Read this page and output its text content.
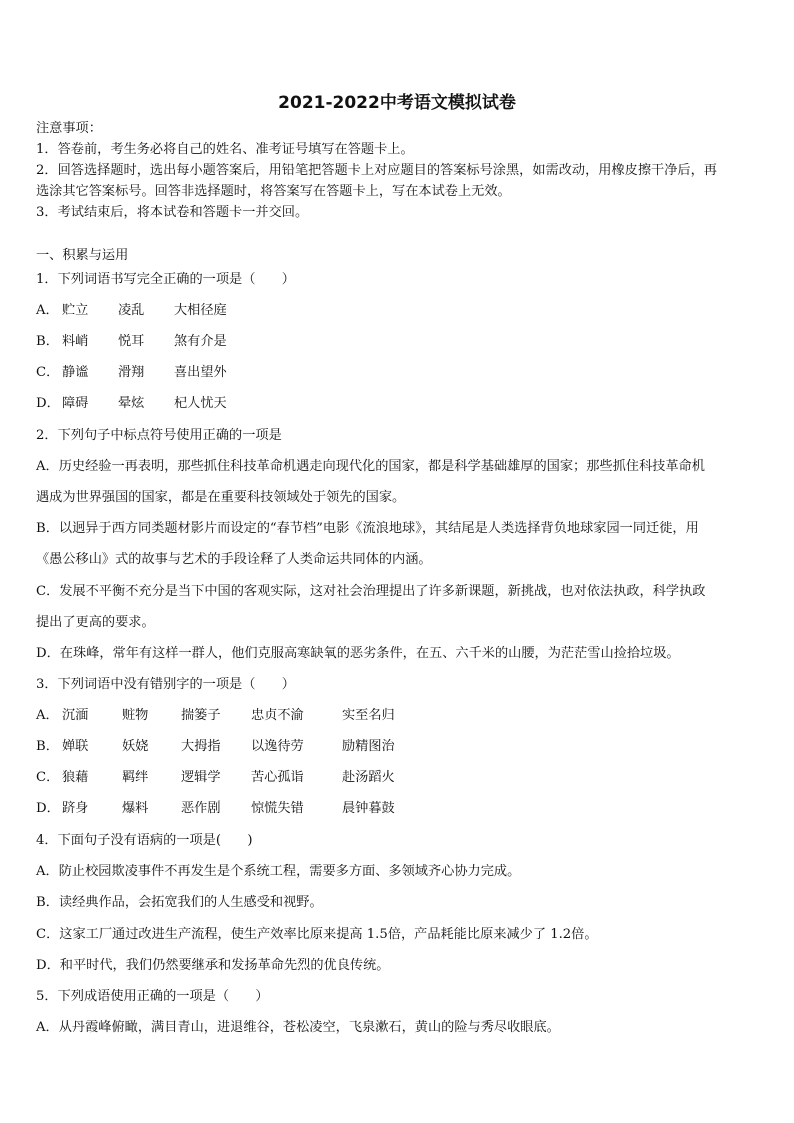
2021-2022中考语文模拟试卷
注意事项：
1．答卷前，考生务必将自己的姓名、准考证号填写在答题卡上。
2．回答选择题时，选出每小题答案后，用铅笔把答题卡上对应题目的答案标号涂黑，如需改动，用橡皮擦干净后，再
选涂其它答案标号。回答非选择题时，将答案写在答题卡上，写在本试卷上无效。
3．考试结束后，将本试卷和答题卡一并交回。
一、积累与运用
1．下列词语书写完全正确的一项是（　　）
A． 贮立 凌乱 大相径庭
B． 料峭 悦耳 煞有介是
C． 静谧 滑翔 喜出望外
D． 障碍 晕炫 杞人忧天
2．下列句子中标点符号使用正确的一项是
A．历史经验一再表明，那些抓住科技革命机遇走向现代化的国家，都是科学基础雄厚的国家；那些抓住科技革命机
遇成为世界强国的国家，都是在重要科技领域处于领先的国家。
B．以迥异于西方同类题材影片而设定的“春节档”电影《流浪地球》，其结尾是人类选择背负地球家园一同迁徙，用
《愚公移山》式的故事与艺术的手段诠释了人类命运共同体的内涵。
C．发展不平衡不充分是当下中国的客观实际，这对社会治理提出了许多新课题，新挑战，也对依法执政，科学执政
提出了更高的要求。
D．在珠峰，常年有这样一群人，他们克服高寒缺氧的恶劣条件，在五、六千米的山腰，为茫茫雪山捡拾垃圾。
3．下列词语中没有错别字的一项是（　　）
A． 沉湎	赃物 揣篓子 忠贞不渝	实至名归
B． 婵联	妖娆 大拇指 以逸待劳	励精图治
C． 狼藉	羁绊 逻辑学 苦心孤诣	赴汤蹈火
D． 跻身	爆料 恶作剧 惊慌失错	晨钟暮鼓
4．下面句子没有语病的一项是(　　)
A．防止校园欺凌事件不再发生是个系统工程，需要多方面、多领域齐心协力完成。
B．读经典作品，会拓宽我们的人生感受和视野。
C．这家工厂通过改进生产流程，使生产效率比原来提高 1.5倍，产品耗能比原来减少了 1.2倍。
D．和平时代，我们仍然要继承和发扬革命先烈的优良传统。
5．下列成语使用正确的一项是（　　）
A．从丹霞峰俯瞰，满目青山，进退维谷，苍松凌空，飞泉漱石，黄山的险与秀尽收眼底。
